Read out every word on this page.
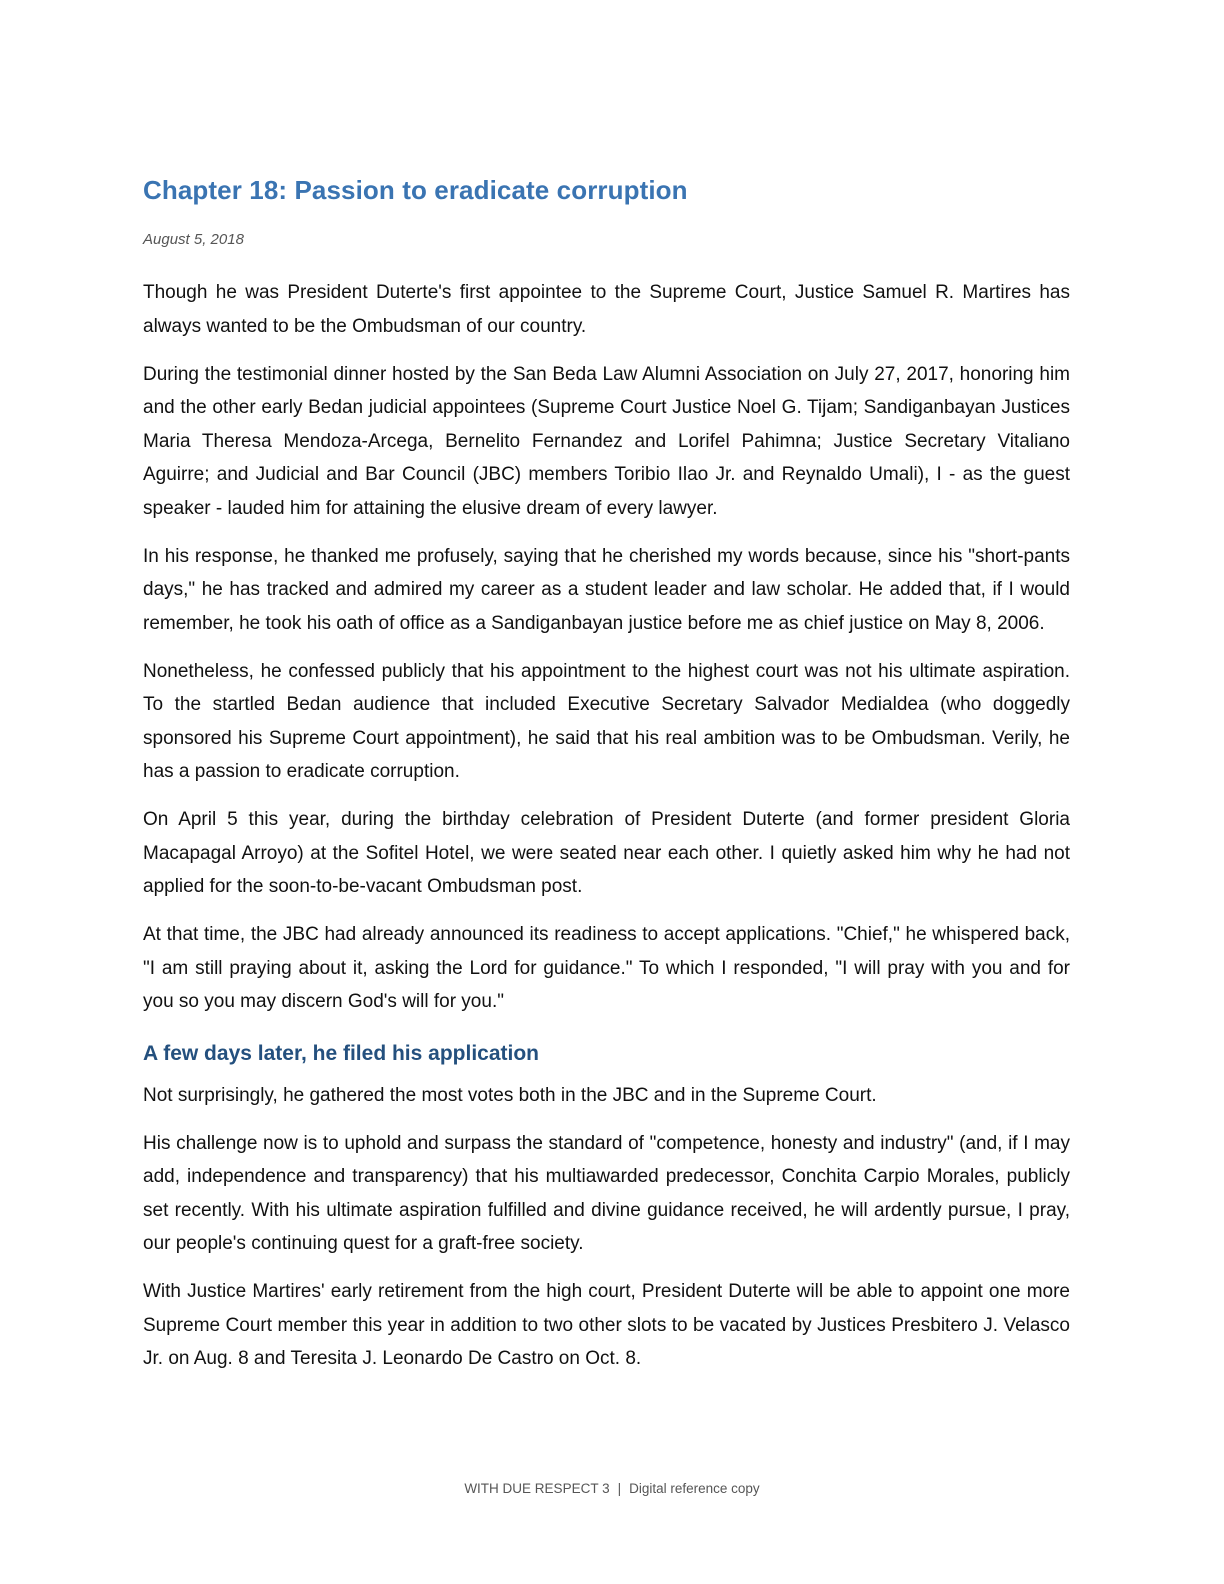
Chapter 18: Passion to eradicate corruption
August 5, 2018

Though he was President Duterte's first appointee to the Supreme Court, Justice Samuel R. Martires has always wanted to be the Ombudsman of our country.

During the testimonial dinner hosted by the San Beda Law Alumni Association on July 27, 2017, honoring him and the other early Bedan judicial appointees (Supreme Court Justice Noel G. Tijam; Sandiganbayan Justices Maria Theresa Mendoza-Arcega, Bernelito Fernandez and Lorifel Pahimna; Justice Secretary Vitaliano Aguirre; and Judicial and Bar Council (JBC) members Toribio Ilao Jr. and Reynaldo Umali), I - as the guest speaker - lauded him for attaining the elusive dream of every lawyer.

In his response, he thanked me profusely, saying that he cherished my words because, since his "short-pants days," he has tracked and admired my career as a student leader and law scholar. He added that, if I would remember, he took his oath of office as a Sandiganbayan justice before me as chief justice on May 8, 2006.

Nonetheless, he confessed publicly that his appointment to the highest court was not his ultimate aspiration. To the startled Bedan audience that included Executive Secretary Salvador Medialdea (who doggedly sponsored his Supreme Court appointment), he said that his real ambition was to be Ombudsman. Verily, he has a passion to eradicate corruption.

On April 5 this year, during the birthday celebration of President Duterte (and former president Gloria Macapagal Arroyo) at the Sofitel Hotel, we were seated near each other. I quietly asked him why he had not applied for the soon-to-be-vacant Ombudsman post.

At that time, the JBC had already announced its readiness to accept applications. "Chief," he whispered back, "I am still praying about it, asking the Lord for guidance." To which I responded, "I will pray with you and for you so you may discern God's will for you."

A few days later, he filed his application

Not surprisingly, he gathered the most votes both in the JBC and in the Supreme Court.

His challenge now is to uphold and surpass the standard of "competence, honesty and industry" (and, if I may add, independence and transparency) that his multiawarded predecessor, Conchita Carpio Morales, publicly set recently. With his ultimate aspiration fulfilled and divine guidance received, he will ardently pursue, I pray, our people's continuing quest for a graft-free society.

With Justice Martires' early retirement from the high court, President Duterte will be able to appoint one more Supreme Court member this year in addition to two other slots to be vacated by Justices Presbitero J. Velasco Jr. on Aug. 8 and Teresita J. Leonardo De Castro on Oct. 8.

WITH DUE RESPECT 3 | Digital reference copy
